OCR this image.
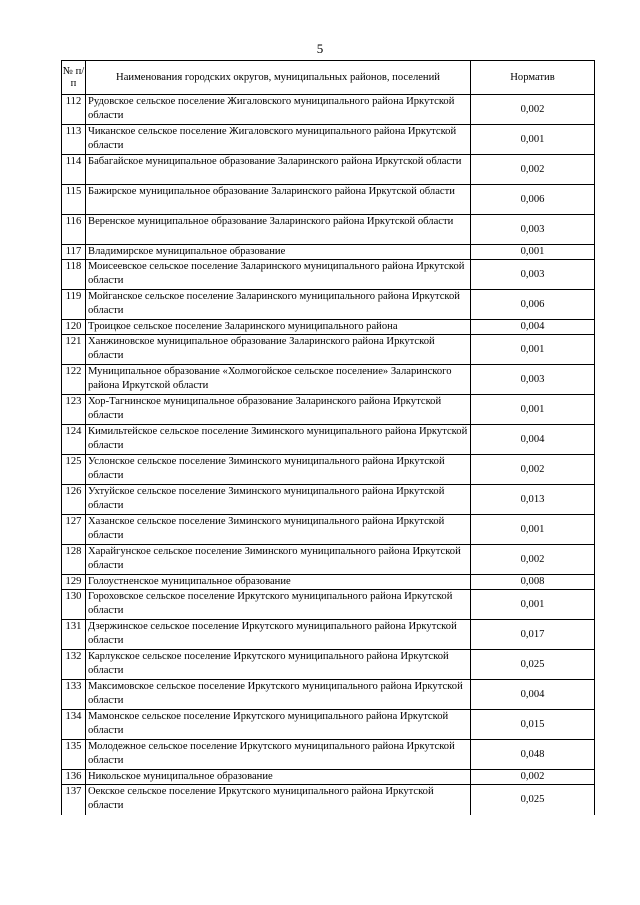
5
№ п/п	Наименования городских округов, муниципальных районов, поселений	Норматив
112	Рудовское сельское поселение Жигаловского муниципального района Иркутской области	0,002
113	Чиканское сельское поселение Жигаловского муниципального района Иркутской области	0,001
114	Бабагайское муниципальное образование Заларинского района Иркутской области	0,002
115	Бажирское муниципальное образование Заларинского района Иркутской области	0,006
116	Веренское муниципальное образование Заларинского района Иркутской области	0,003
117	Владимирское муниципальное образование	0,001
118	Моисеевское сельское поселение Заларинского муниципального района Иркутской области	0,003
119	Мойганское сельское поселение Заларинского муниципального района Иркутской области	0,006
120	Троицкое сельское поселение Заларинского муниципального района	0,004
121	Ханжиновское муниципальное образование Заларинского района Иркутской области	0,001
122	Муниципальное образование «Холмогойское сельское поселение» Заларинского района Иркутской области	0,003
123	Хор-Тагнинское муниципальное образование Заларинского района Иркутской области	0,001
124	Кимильтейское сельское поселение Зиминского муниципального района Иркутской области	0,004
125	Услонское сельское поселение Зиминского муниципального района Иркутской области	0,002
126	Ухтуйское сельское поселение Зиминского муниципального района Иркутской области	0,013
127	Хазанское сельское поселение Зиминского муниципального района Иркутской области	0,001
128	Харайгунское сельское поселение Зиминского муниципального района Иркутской области	0,002
129	Голоустненское муниципальное образование	0,008
130	Гороховское сельское поселение Иркутского муниципального района Иркутской области	0,001
131	Дзержинское сельское поселение Иркутского муниципального района Иркутской области	0,017
132	Карлукское сельское поселение Иркутского муниципального района Иркутской области	0,025
133	Максимовское сельское поселение Иркутского муниципального района Иркутской области	0,004
134	Мамонское сельское поселение Иркутского муниципального района Иркутской области	0,015
135	Молодежное сельское поселение Иркутского муниципального района Иркутской области	0,048
136	Никольское муниципальное образование	0,002
137	Оекское сельское поселение Иркутского муниципального района Иркутской области	0,025
